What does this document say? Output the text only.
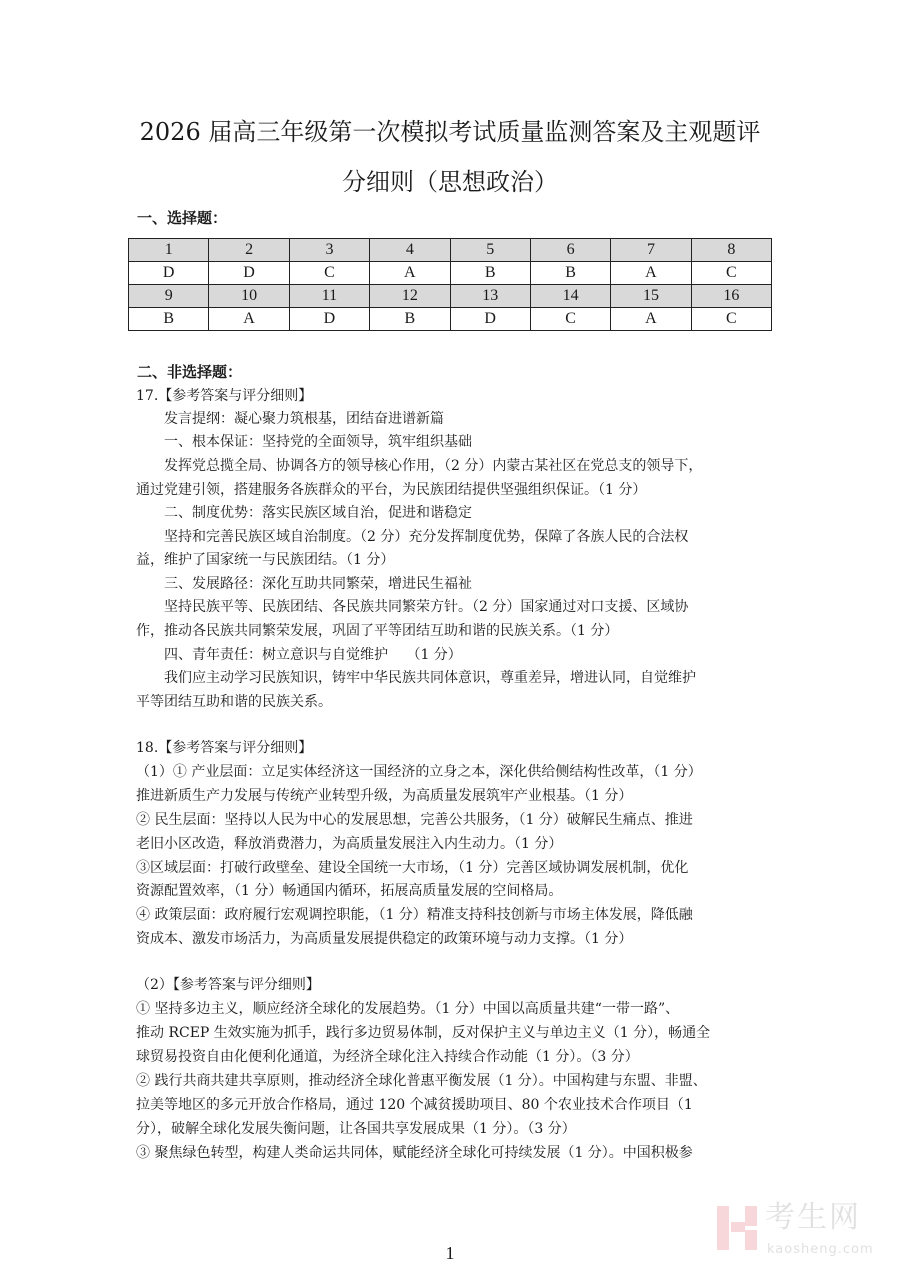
2026 届高三年级第一次模拟考试质量监测答案及主观题评
分细则（思想政治）
一、选择题：
1	2	3	4	5	6	7	8
D	D	C	A	B	B	A	C
9	10	11	12	13	14	15	16
B	A	D	B	D	C	A	C
二、非选择题：
17.【参考答案与评分细则】
发言提纲：凝心聚力筑根基，团结奋进谱新篇
一、根本保证：坚持党的全面领导，筑牢组织基础
发挥党总揽全局、协调各方的领导核心作用，（2 分）内蒙古某社区在党总支的领导下，
通过党建引领，搭建服务各族群众的平台，为民族团结提供坚强组织保证。（1 分）
二、制度优势：落实民族区域自治，促进和谐稳定
坚持和完善民族区域自治制度。（2 分）充分发挥制度优势，保障了各族人民的合法权
益，维护了国家统一与民族团结。（1 分）
三、发展路径：深化互助共同繁荣，增进民生福祉
坚持民族平等、民族团结、各民族共同繁荣方针。（2 分）国家通过对口支援、区域协
作，推动各民族共同繁荣发展，巩固了平等团结互助和谐的民族关系。（1 分）
四、青年责任：树立意识与自觉维护　 （1 分）
我们应主动学习民族知识，铸牢中华民族共同体意识，尊重差异，增进认同，自觉维护
平等团结互助和谐的民族关系。
18.【参考答案与评分细则】
（1）① 产业层面：立足实体经济这一国经济的立身之本，深化供给侧结构性改革，（1 分）
推进新质生产力发展与传统产业转型升级，为高质量发展筑牢产业根基。（1 分）
② 民生层面：坚持以人民为中心的发展思想，完善公共服务，（1 分）破解民生痛点、推进
老旧小区改造，释放消费潜力，为高质量发展注入内生动力。（1 分）
③区域层面：打破行政壁垒、建设全国统一大市场，（1 分）完善区域协调发展机制，优化
资源配置效率，（1 分）畅通国内循环，拓展高质量发展的空间格局。
④ 政策层面：政府履行宏观调控职能，（1 分）精准支持科技创新与市场主体发展，降低融
资成本、激发市场活力，为高质量发展提供稳定的政策环境与动力支撑。（1 分）
（2）【参考答案与评分细则】
① 坚持多边主义，顺应经济全球化的发展趋势。（1 分）中国以高质量共建“一带一路”、
推动 RCEP 生效实施为抓手，践行多边贸易体制，反对保护主义与单边主义（1 分），畅通全
球贸易投资自由化便利化通道，为经济全球化注入持续合作动能（1 分）。（3 分）
② 践行共商共建共享原则，推动经济全球化普惠平衡发展（1 分）。中国构建与东盟、非盟、
拉美等地区的多元开放合作格局，通过 120 个减贫援助项目、80 个农业技术合作项目（1
分），破解全球化发展失衡问题，让各国共享发展成果（1 分）。（3 分）
③ 聚焦绿色转型，构建人类命运共同体，赋能经济全球化可持续发展（1 分）。中国积极参
1
考生网
kaosheng.com
